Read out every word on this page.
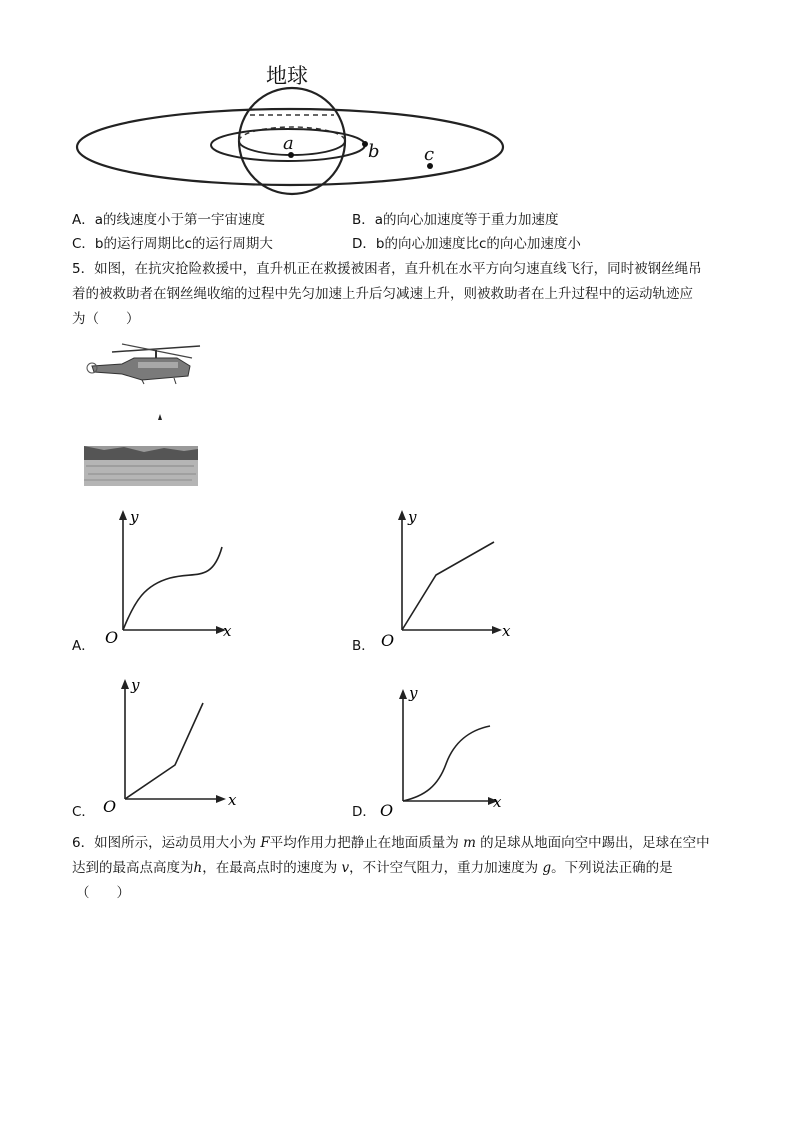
地球
a	b c
A．a的线速度小于第一宇宙速度	B．a的向心加速度等于重力加速度
C．b的运行周期比c的运行周期大	D．b的向心加速度比c的向心加速度小
5．如图，在抗灾抢险救援中，直升机正在救援被困者，直升机在水平方向匀速直线飞行，同时被钢丝绳吊
着的被救助者在钢丝绳收缩的过程中先匀加速上升后匀减速上升，则被救助者在上升过程中的运动轨迹应
为（　　）
y
x
O
A．
y
x
O
B．
y
x
O
C．
y
x
O
D．
6．如图所示，运动员用大小为 F平均作用力把静止在地面质量为 m 的足球从地面向空中踢出，足球在空中
达到的最高点高度为h，在最高点时的速度为 v，不计空气阻力，重力加速度为 g。下列说法正确的是
（　　）
